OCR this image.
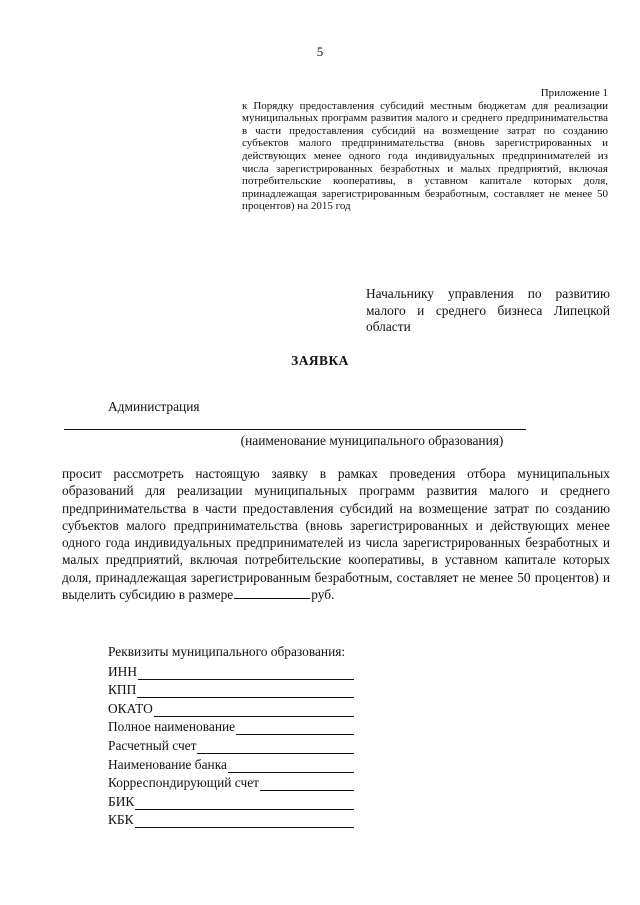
5
Приложение 1
к Порядку предоставления субсидий местным бюджетам для реализации муниципальных программ развития малого и среднего предпринимательства в части предоставления субсидий на возмещение затрат по созданию субъектов малого предпринимательства (вновь зарегистрированных и действующих менее одного года индивидуальных предпринимателей из числа зарегистрированных безработных и малых предприятий, включая потребительские кооперативы, в уставном капитале которых доля, принадлежащая зарегистрированным безработным, составляет не менее 50 процентов) на 2015 год
Начальнику управления по развитию малого и среднего бизнеса Липецкой области
ЗАЯВКА
Администрация
(наименование муниципального образования)
просит рассмотреть настоящую заявку в рамках проведения отбора муниципальных образований для реализации муниципальных программ развития малого и среднего предпринимательства в части предоставления субсидий на возмещение затрат по созданию субъектов малого предпринимательства (вновь зарегистрированных и действующих менее одного года индивидуальных предпринимателей из числа зарегистрированных безработных и малых предприятий, включая потребительские кооперативы, в уставном капитале которых доля, принадлежащая зарегистрированным безработным, составляет не менее 50 процентов) и выделить субсидию в размере	руб.
Реквизиты муниципального образования:
ИНН
КПП
ОКАТО
Полное наименование
Расчетный счет
Наименование банка
Корреспондирующий счет
БИК
КБК
